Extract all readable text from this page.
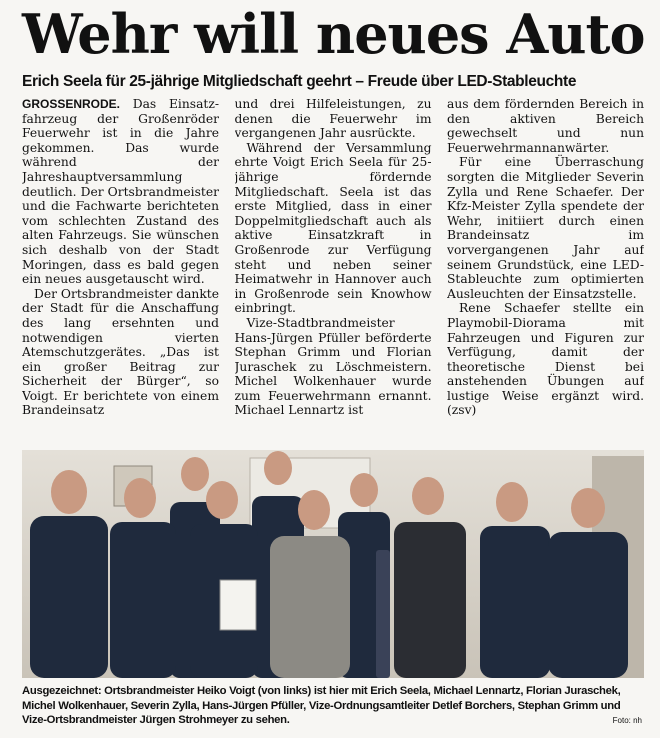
Wehr will neues Auto
Erich Seela für 25-jährige Mitgliedschaft geehrt – Freude über LED-Stableuchte

GROSSENRODE. Das Einsatzfahrzeug der Großenröder Feuerwehr ist in die Jahre gekommen. Das wurde während der Jahreshauptversammlung deutlich. Der Ortsbrandmeister und die Fachwarte berichteten vom schlechten Zustand des alten Fahrzeugs. Sie wünschen sich deshalb von der Stadt Moringen, dass es bald gegen ein neues ausgetauscht wird.

Der Ortsbrandmeister dankte der Stadt für die Anschaffung des lang ersehnten und notwendigen vierten Atemschutzgerätes. „Das ist ein großer Beitrag zur Sicherheit der Bürger“, so Voigt. Er berichtete von einem Brandeinsatz

und drei Hilfeleistungen, zu denen die Feuerwehr im vergangenen Jahr ausrückte.

Während der Versammlung ehrte Voigt Erich Seela für 25-jährige fördernde Mitgliedschaft. Seela ist das erste Mitglied, dass in einer Doppelmitgliedschaft auch als aktive Einsatzkraft in Großenrode zur Verfügung steht und neben seiner Heimatwehr in Hannover auch in Großenrode sein Knowhow einbringt.

Vize-Stadtbrandmeister Hans-Jürgen Pfüller beförderte Stephan Grimm und Florian Juraschek zu Löschmeistern. Michel Wolkenhauer wurde zum Feuerwehrmann ernannt. Michael Lennartz ist

aus dem fördernden Bereich in den aktiven Bereich gewechselt und nun Feuerwehrmannanwärter.

Für eine Überraschung sorgten die Mitglieder Severin Zylla und Rene Schaefer. Der Kfz-Meister Zylla spendete der Wehr, initiiert durch einen Brandeinsatz im vorvergangenen Jahr auf seinem Grundstück, eine LED-Stableuchte zum optimierten Ausleuchten der Einsatzstelle.

Rene Schaefer stellte ein Playmobil-Diorama mit Fahrzeugen und Figuren zur Verfügung, damit der theoretische Dienst bei anstehenden Übungen auf lustige Weise ergänzt wird. (zsv)

Ausgezeichnet: Ortsbrandmeister Heiko Voigt (von links) ist hier mit Erich Seela, Michael Lennartz, Florian Juraschek, Michel Wolkenhauer, Severin Zylla, Hans-Jürgen Pfüller, Vize-Ordnungsamtleiter Detlef Borchers, Stephan Grimm und Vize-Ortsbrandmeister Jürgen Strohmeyer zu sehen.	Foto: nh
